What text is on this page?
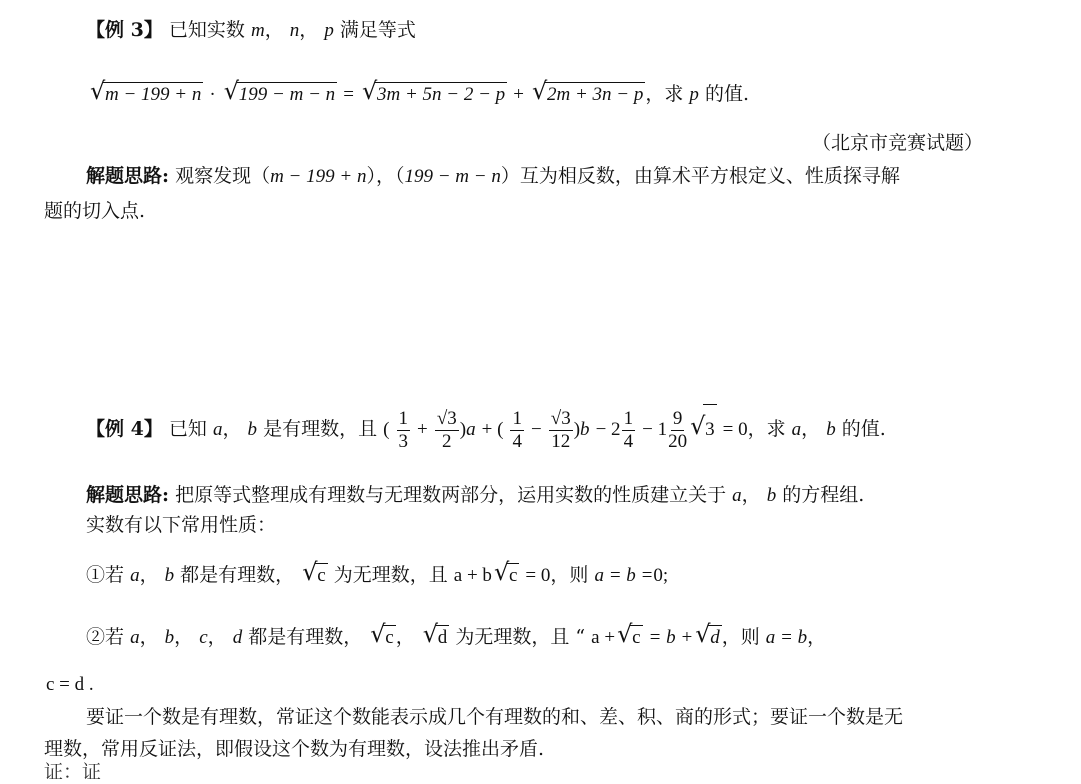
【例 3】 已知实数 m， n， p 满足等式
√ m − 199 + n · √ 199 − m − n = √ 3m + 5n − 2 − p + √ 2m + 3n − p ，求 p 的值.
（北京市竞赛试题）
解题思路: 观察发现（m − 199 + n），（199 − m − n）互为相反数，由算术平方根定义、性质探寻解
题的切入点.
【例 4】 已知 a， b 是有理数，且 ( $\frac{1}{3} + \frac{√3}{2} )a$ + ( $\frac{1}{4} - \frac{√3}{12} )b - 2 \frac{1}{4} - 1 \frac{9}{20}$ √ 3 = 0，求 a， b 的值.
解题思路: 把原等式整理成有理数与无理数两部分，运用实数的性质建立关于 a， b 的方程组.
实数有以下常用性质：
①若 a， b 都是有理数， √ c 为无理数，且 a + b √ c = 0，则 a = b =0;
②若 a， b， c， d 都是有理数， √ c ， √ d 为无理数，且 “ a + √ c = b + √ d ，则 a = b，
c = d .
要证一个数是有理数，常证这个数能表示成几个有理数的和、差、积、商的形式；要证一个数是无
理数，常用反证法，即假设这个数为有理数，设法推出矛盾.
证：证
